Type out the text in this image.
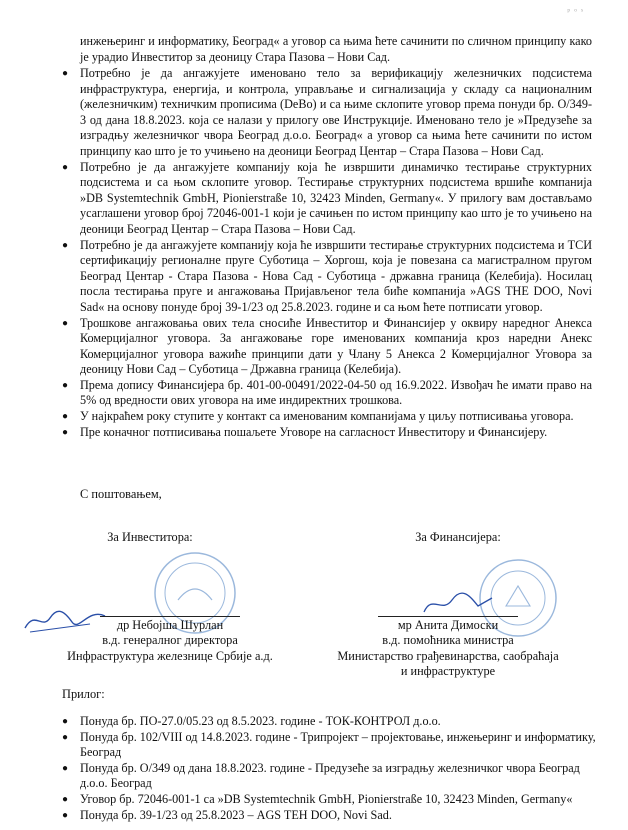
ᵖ ᵒ ˢ
инжењеринг и информатику, Београд« а уговор са њима ћете сачинити по сличном принципу како је урадио Инвеститор за деоницу Стара Пазова – Нови Сад.
● Потребно је да ангажујете именовано тело за верификацију железничких подсистема инфраструктура, енергија, и контрола, управљање и сигнализација у складу са националним (железничким) техничким прописима (DeBo) и са њиме склопите уговор према понуди бр. О/349-3 од дана 18.8.2023. која се налази у прилогу ове Инструкције. Именовано тело је »Предузеће за изградњу железничког чвора Београд д.о.о. Београд« а уговор са њима ћете сачинити по истом принципу као што је то учињено на деоници Београд Центар – Стара Пазова – Нови Сад.
● Потребно је да ангажујете компанију која ће извршити динамичко тестирање структурних подсистема и са њом склопите уговор. Тестирање структурних подсистема вршиће компанија »DB Systemtechnik GmbH, Pionierstraße 10, 32423 Minden, Germany«. У прилогу вам достављамо усаглашени уговор број 72046-001-1 који је сачињен по истом принципу као што је то учињено на деоници Београд Центар – Стара Пазова – Нови Сад.
● Потребно је да ангажујете компанију која ће извршити тестирање структурних подсистема и ТСИ сертификацију регионалне пруге Суботица – Хоргош, која је повезана са магистралном пругом Београд Центар - Стара Пазова - Нова Сад - Суботица - државна граница (Келебија). Носилац посла тестирања пруге и ангажовања Пријављеног тела биће компанија »AGS THE DOO, Novi Sad« на основу понуде број 39-1/23 од 25.8.2023. године и са њом ћете потписати уговор.
● Трошкове ангажовања ових тела сносиће Инвеститор и Финансијер у оквиру наредног Анекса Комерцијалног уговора. За ангажовање горе именованих компанија кроз наредни Анекс Комерцијалног уговора важиће принципи дати у Члану 5 Анекса 2 Комерцијалног Уговора за деоницу Нови Сад – Суботица – Државна граница (Келебија).
● Према допису Финансијера бр. 401-00-00491/2022-04-50 од 16.9.2022. Извођач ће имати право на 5% од вредности ових уговора на име индиректних трошкова.
● У најкраћем року ступите у контакт са именованим компанијама у циљу потписивања уговора.
● Пре коначног потписивања пошаљете Уговоре на сагласност Инвеститору и Финансијеру.
С поштовањем,
За Инвеститора:
др Небојша Шурлан
в.д. генералног директора
Инфраструктура железнице Србије а.д.
За Финансијера:
мр Анита Димоски
в.д. помоћника министра
Министарство грађевинарства, саобраћаја
и инфраструктуре
Прилог:
● Понуда бр. ПО-27.0/05.23 од 8.5.2023. године - ТОК-КОНТРОЛ д.о.о.
● Понуда бр. 102/VIII од 14.8.2023. године - Трипројект – пројектовање, инжењеринг и информатику, Београд
● Понуда бр. О/349 од дана 18.8.2023. године - Предузеће за изградњу железничког чвора Београд д.о.о. Београд
● Уговор бр. 72046-001-1 са »DB Systemtechnik GmbH, Pionierstraße 10, 32423 Minden, Germany«
● Понуда бр. 39-1/23 од 25.8.2023 – AGS TEH DOO, Novi Sad.
